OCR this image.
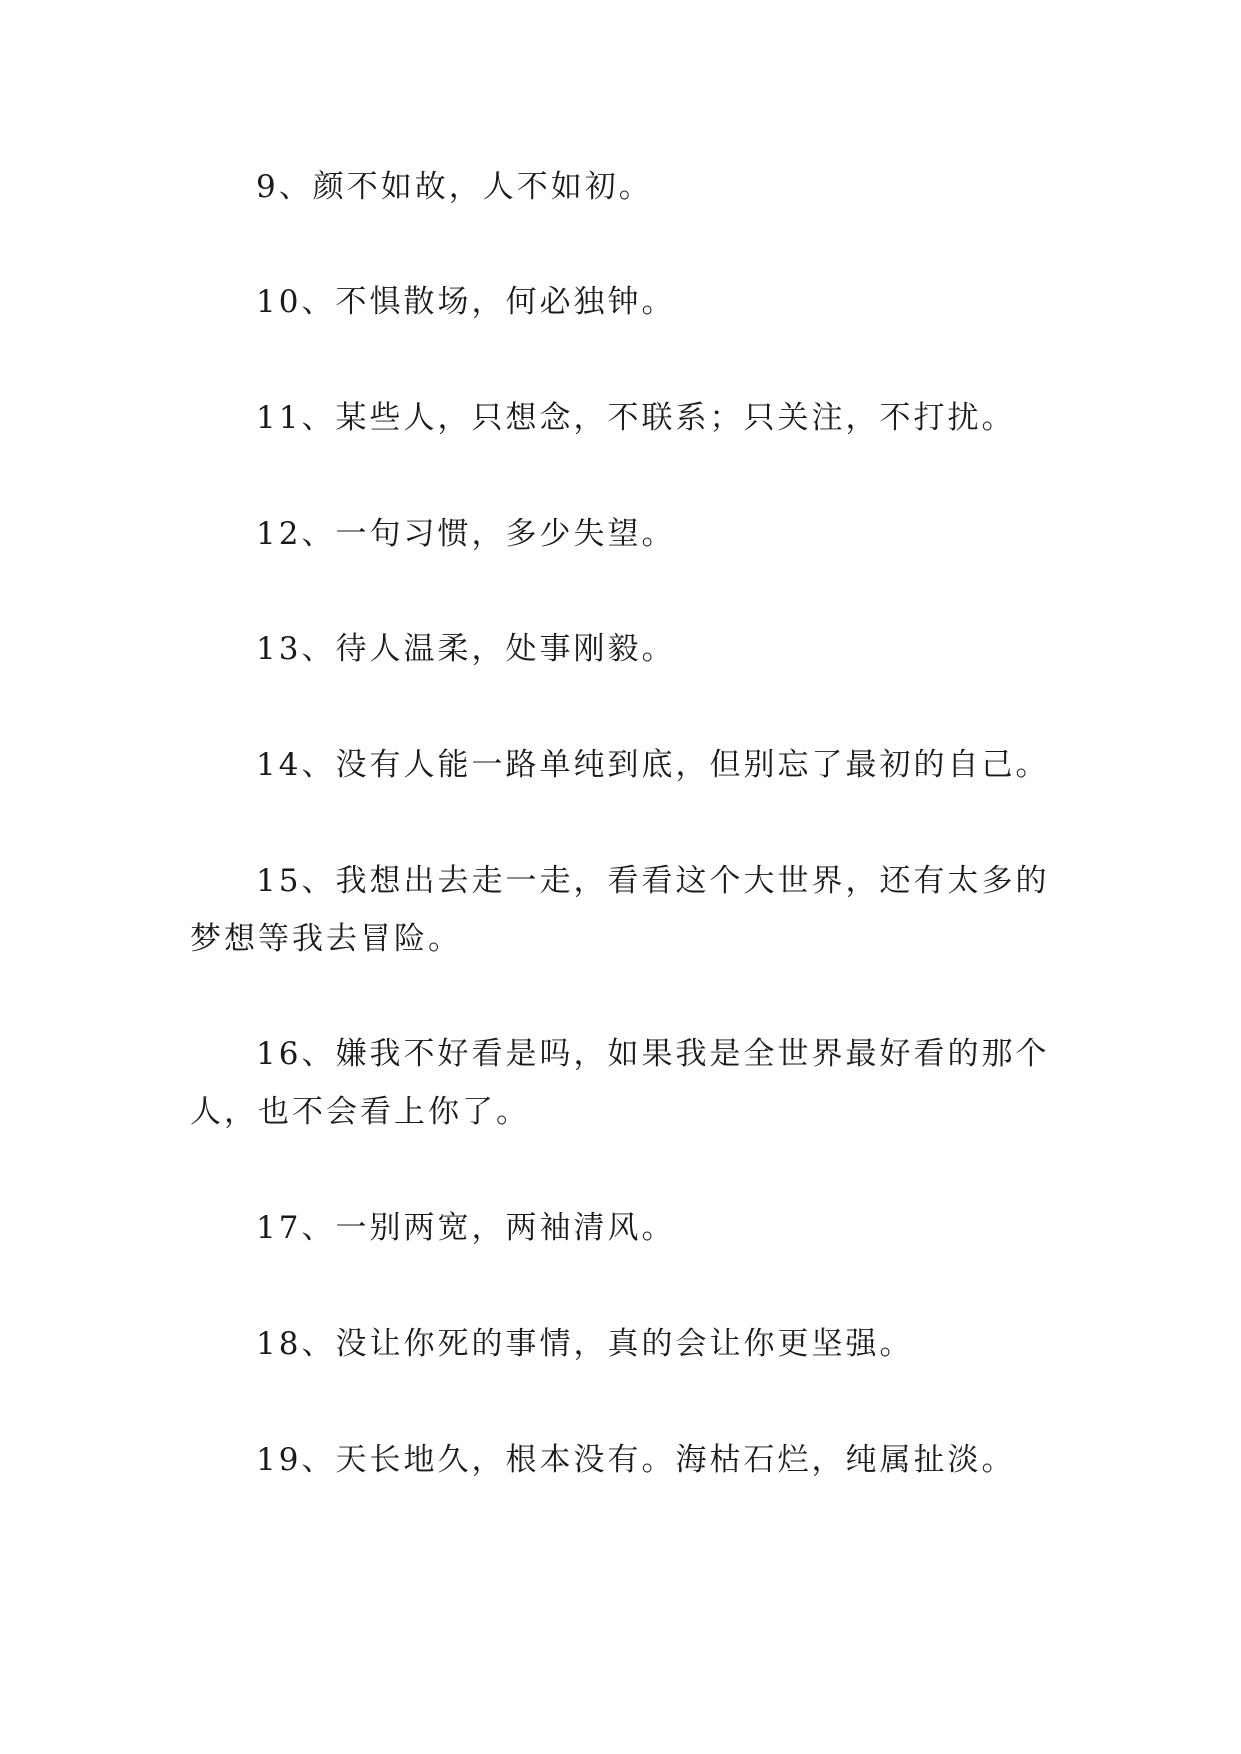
9、颜不如故，人不如初。

10、不惧散场，何必独钟。

11、某些人，只想念，不联系；只关注，不打扰。

12、一句习惯，多少失望。

13、待人温柔，处事刚毅。

14、没有人能一路单纯到底，但别忘了最初的自己。

15、我想出去走一走，看看这个大世界，还有太多的梦想等我去冒险。

16、嫌我不好看是吗，如果我是全世界最好看的那个人，也不会看上你了。

17、一别两宽，两袖清风。

18、没让你死的事情，真的会让你更坚强。

19、天长地久，根本没有。海枯石烂，纯属扯淡。
